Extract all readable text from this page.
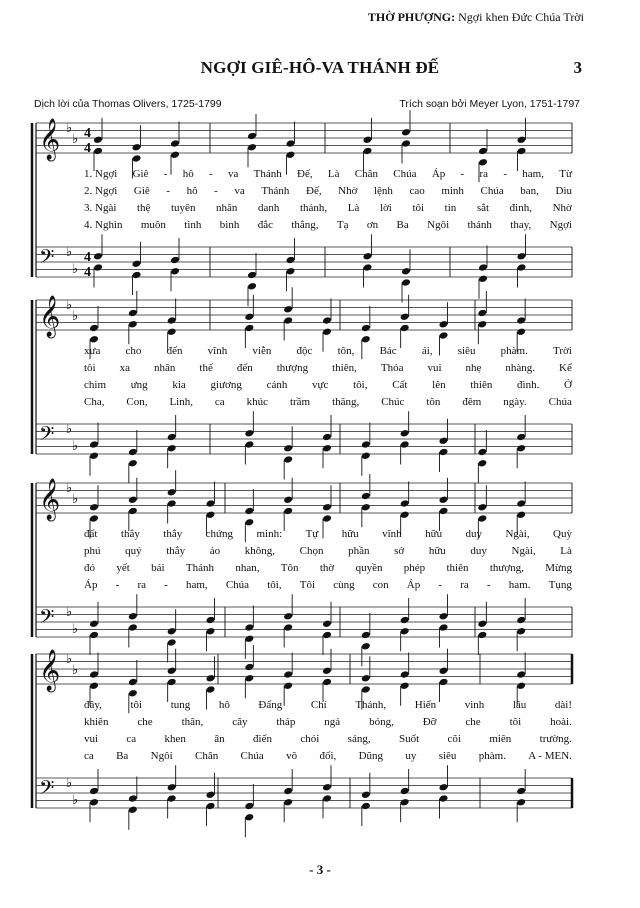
THỜ PHƯỢNG: Ngợi khen Đức Chúa Trời
NGỢI GIÊ-HÔ-VA THÁNH ĐẾ	3
Dịch lời của Thomas Olivers, 1725-1799	Trích soạn bởi Meyer Lyon, 1751-1797
𝄞 ♭
♭ 4
4
𝄢 ♭
♭
4
4
𝄞 ♭
♭
𝄢 ♭
♭
𝄞 ♭
♭
𝄢 ♭
♭
𝄞 ♭
♭
𝄢 ♭
♭
1. Ngợi Giê - hô - va Thánh Đế, Là Chân Chúa Áp - ra - ham, Từ
2. Ngợi Giê - hô - va Thánh Đế, Nhờ lệnh cao minh Chúa ban, Dìu
3. Ngài thệ tuyên nhân danh thánh, Là lời tôi tin sắt đinh, Nhờ
4. Nghìn muôn tinh binh đắc thắng, Tạ ơn Ba Ngôi thánh thay, Ngợi
xưa cho đến vĩnh viễn độc tôn, Bác ái, siêu phàm. Trời
tôi xa nhân thế đến thượng thiên, Thỏa vui nhẹ nhàng. Kể
chim ưng kia giương cánh vực tôi, Cất lên thiên đình. Ở
Cha, Con, Linh, ca khúc trầm thăng, Chúc tôn đêm ngày. Chúa
đất thẳy thẳy chứng minh: Tự hữu vĩnh hữu duy Ngài, Quỳ
phú quý thẳy ảo không, Chọn phần sở hữu duy Ngài, Là
đó yết bái Thánh nhan, Tôn thờ quyền phép thiên thượng, Mừng
Áp - ra - ham, Chúa tôi, Tôi cùng con Áp - ra - ham. Tụng
đây,	tôi	tung	hô	Đấng	Chí	Thánh,	Hiển	vinh	lâu	dài!
khiên	che	thân,	cây	tháp	ngả	bóng,	Đỡ	che	tôi	hoài.
vui	ca	khen	ân	điển	chói	sáng,	Suốt	cõi	miên	trường.
ca Ba Ngôi Chân Chúa vô đối, Dũng uy siêu phàm. A - MEN.
- 3 -
